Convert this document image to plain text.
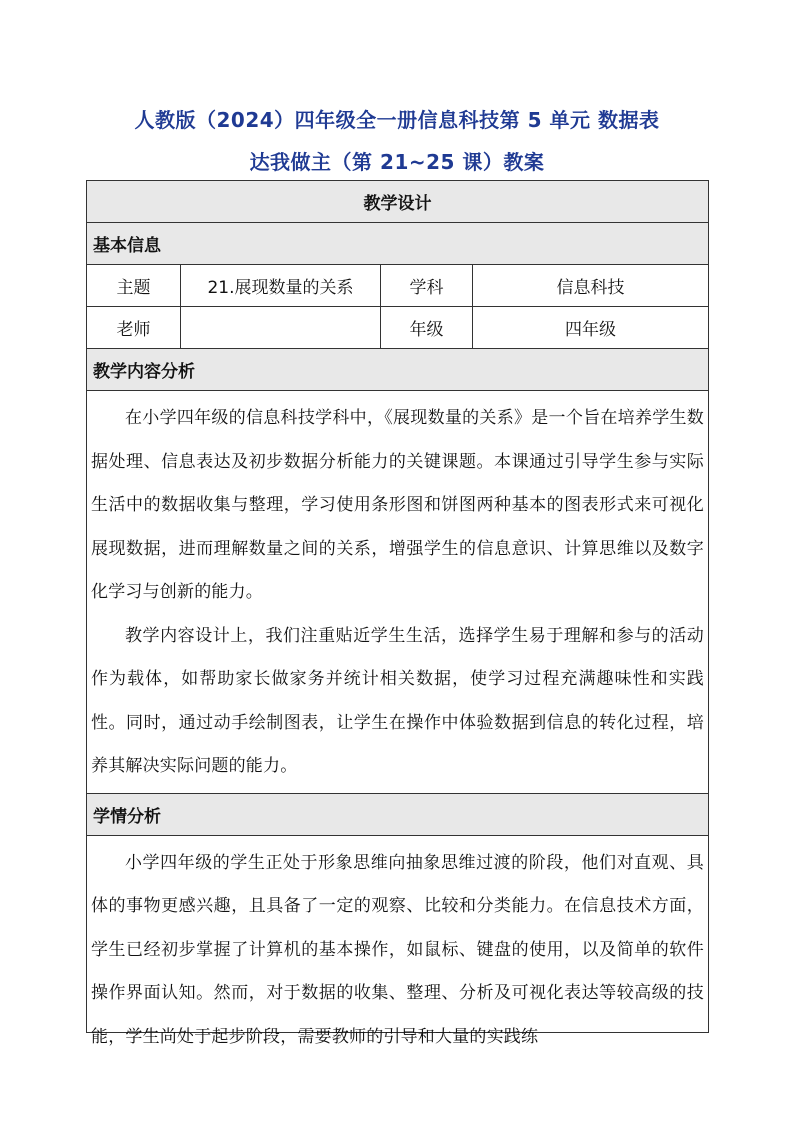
人教版（2024）四年级全一册信息科技第 5 单元 数据表
达我做主（第 21~25 课）教案
教学设计			
基本信息			
主题	21.展现数量的关系	学科	信息科技
老师		年级	四年级
教学内容分析			

在小学四年级的信息科技学科中，《展现数量的关系》是一个旨在培养学生数据处理、信息表达及初步数据分析能力的关键课题。本课通过引导学生参与实际生活中的数据收集与整理，学习使用条形图和饼图两种基本的图表形式来可视化展现数据，进而理解数量之间的关系，增强学生的信息意识、计算思维以及数字化学习与创新的能力。

教学内容设计上，我们注重贴近学生生活，选择学生易于理解和参与的活动作为载体，如帮助家长做家务并统计相关数据，使学习过程充满趣味性和实践性。同时，通过动手绘制图表，让学生在操作中体验数据到信息的转化过程，培养其解决实际问题的能力。			

学情分析			

小学四年级的学生正处于形象思维向抽象思维过渡的阶段，他们对直观、具体的事物更感兴趣，且具备了一定的观察、比较和分类能力。在信息技术方面，学生已经初步掌握了计算机的基本操作，如鼠标、键盘的使用，以及简单的软件操作界面认知。然而，对于数据的收集、整理、分析及可视化表达等较高级的技能，学生尚处于起步阶段，需要教师的引导和大量的实践练			
